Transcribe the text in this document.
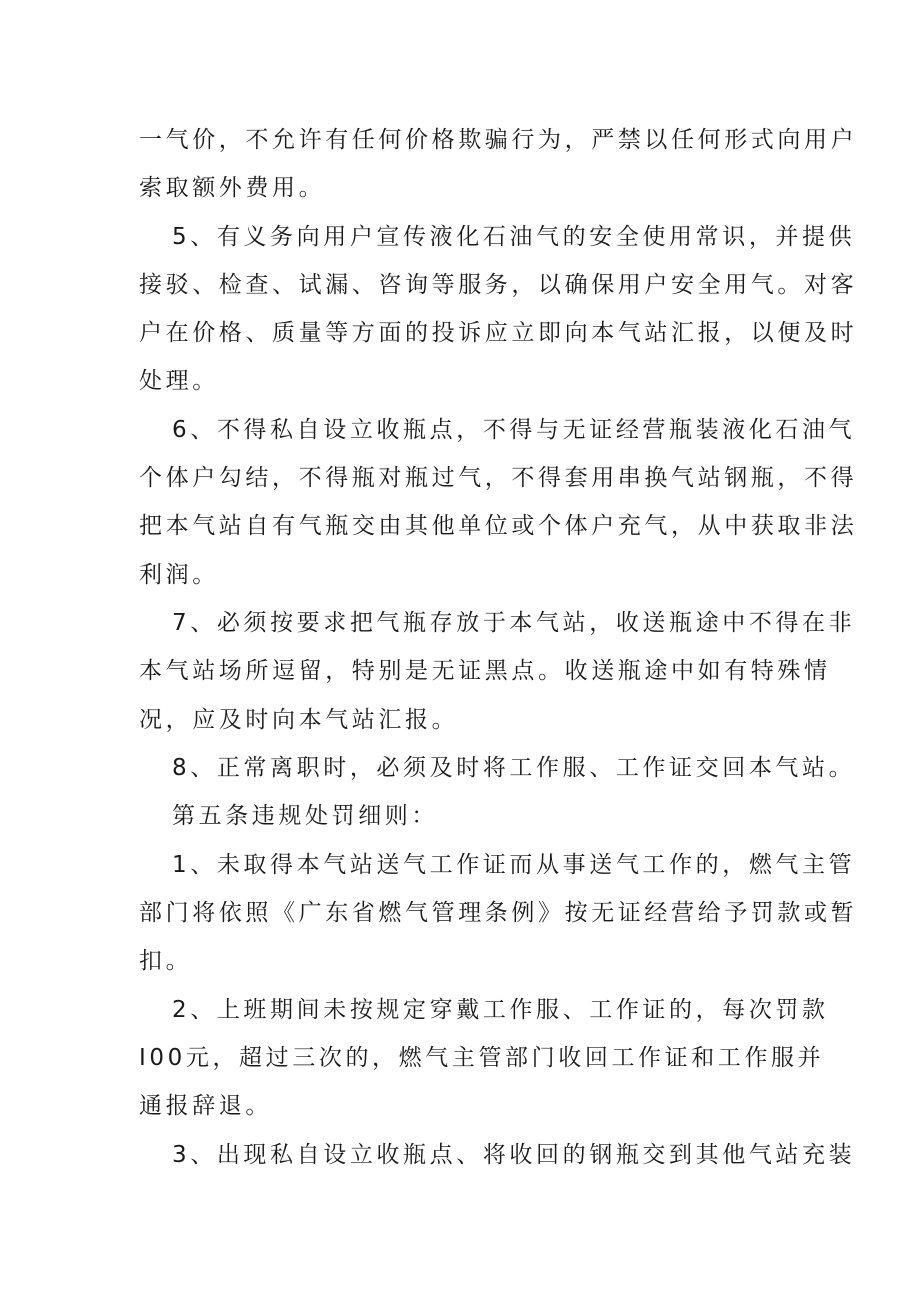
一气价，不允许有任何价格欺骗行为，严禁以任何形式向用户
索取额外费用。
5、有义务向用户宣传液化石油气的安全使用常识，并提供
接驳、检查、试漏、咨询等服务，以确保用户安全用气。对客
户在价格、质量等方面的投诉应立即向本气站汇报，以便及时
处理。
6、不得私自设立收瓶点，不得与无证经营瓶装液化石油气
个体户勾结，不得瓶对瓶过气，不得套用串换气站钢瓶，不得
把本气站自有气瓶交由其他单位或个体户充气，从中获取非法
利润。
7、必须按要求把气瓶存放于本气站，收送瓶途中不得在非
本气站场所逗留，特别是无证黑点。收送瓶途中如有特殊情
况，应及时向本气站汇报。
8、正常离职时，必须及时将工作服、工作证交回本气站。
第五条违规处罚细则：
1、未取得本气站送气工作证而从事送气工作的，燃气主管
部门将依照《广东省燃气管理条例》按无证经营给予罚款或暂
扣。
2、上班期间未按规定穿戴工作服、工作证的，每次罚款
I00元，超过三次的，燃气主管部门收回工作证和工作服并
通报辞退。
3、出现私自设立收瓶点、将收回的钢瓶交到其他气站充装
